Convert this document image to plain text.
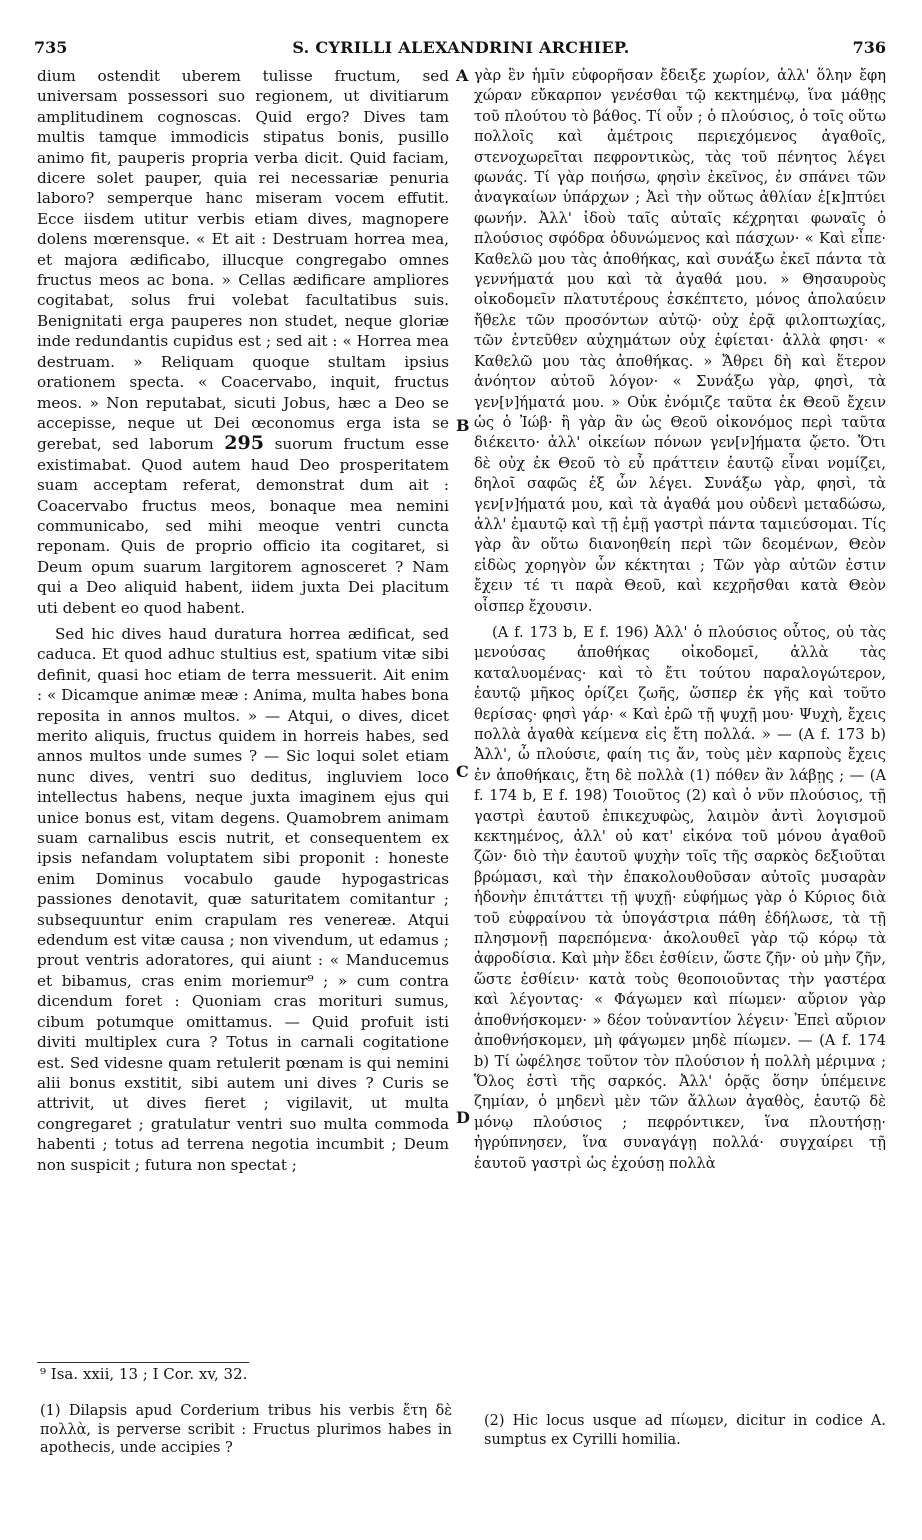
S. CYRILLI ALEXANDRINI ARCHIEP.
735	736

dium ostendit uberem tulisse fructum, sed universam possessori suo regionem, ut divitiarum amplitudinem cognoscas. Quid ergo? Dives tam multis tamque immodicis stipatus bonis, pusillo animo fit, pauperis propria verba dicit. Quid faciam, dicere solet pauper, quia rei necessariæ penuria laboro? semperque hanc miseram vocem effutit. Ecce iisdem utitur verbis etiam dives, magnopere dolens mœrensque. « Et ait : Destruam horrea mea, et majora ædificabo, illucque congregabo omnes fructus meos ac bona. » Cellas ædificare ampliores cogitabat, solus frui volebat facultatibus suis. Benignitati erga pauperes non studet, neque gloriæ inde redundantis cupidus est ; sed ait : « Horrea mea destruam. » Reliquam quoque stultam ipsius orationem specta. « Coacervabo, inquit, fructus meos. » Non reputabat, sicuti Jobus, hæc a Deo se accepisse, neque ut Dei œconomus erga ista se gerebat, sed laborum 295 suorum fructum esse existimabat. Quod autem haud Deo prosperitatem suam acceptam referat, demonstrat dum ait : Coacervabo fructus meos, bonaque mea nemini communicabo, sed mihi meoque ventri cuncta reponam. Quis de proprio officio ita cogitaret, si Deum opum suarum largitorem agnosceret ? Nam qui a Deo aliquid habent, iidem juxta Dei placitum uti debent eo quod habent.

Sed hic dives haud duratura horrea ædificat, sed caduca. Et quod adhuc stultius est, spatium vitæ sibi definit, quasi hoc etiam de terra messuerit. Ait enim : « Dicamque animæ meæ : Anima, multa habes bona reposita in annos multos. » — Atqui, o dives, dicet merito aliquis, fructus quidem in horreis habes, sed annos multos unde sumes ? — Sic loqui solet etiam nunc dives, ventri suo deditus, ingluviem loco intellectus habens, neque juxta imaginem ejus qui unice bonus est, vitam degens. Quamobrem animam suam carnalibus escis nutrit, et consequentem ex ipsis nefandam voluptatem sibi proponit : honeste enim Dominus vocabulo gaude hypogastricas passiones denotavit, quæ saturitatem comitantur ; subsequuntur enim crapulam res venereæ. Atqui edendum est vitæ causa ; non vivendum, ut edamus ; prout ventris adoratores, qui aiunt : « Manducemus et bibamus, cras enim moriemur⁹ ; » cum contra dicendum foret : Quoniam cras morituri sumus, cibum potumque omittamus. — Quid profuit isti diviti multiplex cura ? Totus in carnali cogitatione est. Sed videsne quam retulerit pœnam is qui nemini alii bonus exstitit, sibi autem uni dives ? Curis se attrivit, ut dives fieret ; vigilavit, ut multa congregaret ; gratulatur ventri suo multa commoda habenti ; totus ad terrena negotia incumbit ; Deum non suspicit ; futura non spectat ;

A
B
C
D

γὰρ ἓν ἡμῖν εὐφορῆσαν ἔδειξε χωρίον, ἀλλ' ὅλην ἔφη χώραν εὔκαρπον γενέσθαι τῷ κεκτημένῳ, ἵνα μάθῃς τοῦ πλούτου τὸ βάθος. Τί οὖν ; ὁ πλούσιος, ὁ τοῖς οὕτω πολλοῖς καὶ ἀμέτροις περιεχόμενος ἀγαθοῖς, στενοχωρεῖται πεφροντικὼς, τὰς τοῦ πένητος λέγει φωνάς. Τί γὰρ ποιήσω, φησὶν ἐκεῖνος, ἐν σπάνει τῶν ἀναγκαίων ὑπάρχων ; Ἀεὶ τὴν οὕτως ἀθλίαν ἐ[κ]πτύει φωνήν. Ἀλλ' ἰδοὺ ταῖς αὐταῖς κέχρηται φωναῖς ὁ πλούσιος σφόδρα ὀδυνώμενος καὶ πάσχων· « Καὶ εἶπε· Καθελῶ μου τὰς ἀποθήκας, καὶ συνάξω ἐκεῖ πάντα τὰ γεννήματά μου καὶ τὰ ἀγαθά μου. » Θησαυροὺς οἰκοδομεῖν πλατυτέρους ἐσκέπτετο, μόνος ἀπολαύειν ἤθελε τῶν προσόντων αὐτῷ· οὐχ ἐρᾷ φιλοπτωχίας, τῶν ἐντεῦθεν αὐχημάτων οὐχ ἐφίεται· ἀλλὰ φησι· « Καθελῶ μου τὰς ἀποθήκας. » Ἄθρει δὴ καὶ ἕτερον ἀνόητον αὐτοῦ λόγον· « Συνάξω γὰρ, φησὶ, τὰ γεν[ν]ήματά μου. » Οὐκ ἐνόμιζε ταῦτα ἐκ Θεοῦ ἔχειν ὡς ὁ Ἰώβ· ἢ γὰρ ἂν ὡς Θεοῦ οἰκονόμος περὶ ταῦτα διέκειτο· ἀλλ' οἰκείων πόνων γεν[ν]ήματα ᾤετο. Ὅτι δὲ οὐχ ἐκ Θεοῦ τὸ εὖ πράττειν ἑαυτῷ εἶναι νομίζει, δηλοῖ σαφῶς ἐξ ὧν λέγει. Συνάξω γὰρ, φησὶ, τὰ γεν[ν]ήματά μου, καὶ τὰ ἀγαθά μου οὐδενὶ μεταδώσω, ἀλλ' ἐμαυτῷ καὶ τῇ ἐμῇ γαστρὶ πάντα ταμιεύσομαι. Τίς γὰρ ἂν οὕτω διανοηθείη περὶ τῶν δεομένων, Θεὸν εἰδὼς χορηγὸν ὧν κέκτηται ; Τῶν γὰρ αὐτῶν ἐστιν ἔχειν τέ τι παρὰ Θεοῦ, καὶ κεχρῆσθαι κατὰ Θεὸν οἷσπερ ἔχουσιν.

(A f. 173 b, E f. 196) Ἀλλ' ὁ πλούσιος οὗτος, οὐ τὰς μενούσας ἀποθήκας οἰκοδομεῖ, ἀλλὰ τὰς καταλυομένας· καὶ τὸ ἔτι τούτου παραλογώτερον, ἑαυτῷ μῆκος ὁρίζει ζωῆς, ὥσπερ ἐκ γῆς καὶ τοῦτο θερίσας· φησὶ γάρ· « Καὶ ἐρῶ τῇ ψυχῇ μου· Ψυχὴ, ἔχεις πολλὰ ἀγαθὰ κείμενα εἰς ἔτη πολλά. » — (A f. 173 b) Ἀλλ', ὦ πλούσιε, φαίη τις ἄν, τοὺς μὲν καρποὺς ἔχεις ἐν ἀποθήκαις, ἔτη δὲ πολλὰ (1) πόθεν ἂν λάβῃς ; — (A f. 174 b, E f. 198) Τοιοῦτος (2) καὶ ὁ νῦν πλούσιος, τῇ γαστρὶ ἑαυτοῦ ἐπικεχυφὼς, λαιμὸν ἀντὶ λογισμοῦ κεκτημένος, ἀλλ' οὐ κατ' εἰκόνα τοῦ μόνου ἀγαθοῦ ζῶν· διὸ τὴν ἑαυτοῦ ψυχὴν τοῖς τῆς σαρκὸς δεξιοῦται βρώμασι, καὶ τὴν ἐπακολουθοῦσαν αὐτοῖς μυσαρὰν ἡδονὴν ἐπιτάττει τῇ ψυχῇ· εὐφήμως γὰρ ὁ Κύριος διὰ τοῦ εὐφραίνου τὰ ὑπογάστρια πάθη ἐδήλωσε, τὰ τῇ πλησμονῇ παρεπόμενα· ἀκολουθεῖ γὰρ τῷ κόρῳ τὰ ἀφροδίσια. Καὶ μὴν ἔδει ἐσθίειν, ὥστε ζῆν· οὐ μὴν ζῆν, ὥστε ἐσθίειν· κατὰ τοὺς θεοποιοῦντας τὴν γαστέρα καὶ λέγοντας· « Φάγωμεν καὶ πίωμεν· αὔριον γὰρ ἀποθνήσκομεν· » δέον τοὐναντίον λέγειν· Ἐπεὶ αὔριον ἀποθνήσκομεν, μὴ φάγωμεν μηδὲ πίωμεν. — (A f. 174 b) Τί ὠφέλησε τοῦτον τὸν πλούσιον ἡ πολλὴ μέριμνα ; Ὅλος ἐστὶ τῆς σαρκός. Ἀλλ' ὁρᾷς ὅσην ὑπέμεινε ζημίαν, ὁ μηδενὶ μὲν τῶν ἄλλων ἀγαθὸς, ἑαυτῷ δὲ μόνῳ πλούσιος ; πεφρόντικεν, ἵνα πλουτήσῃ· ἠγρύπνησεν, ἵνα συναγάγῃ πολλά· συγχαίρει τῇ ἑαυτοῦ γαστρὶ ὡς ἐχούσῃ πολλὰ

⁹ Isa. xxii, 13 ; I Cor. xv, 32.
(1) Dilapsis apud Corderium tribus his verbis ἔτη δὲ πολλὰ, is perverse scribit : Fructus plurimos habes in apothecis, unde accipies ?
(2) Hic locus usque ad πίωμεν, dicitur in codice A. sumptus ex Cyrilli homilia.
